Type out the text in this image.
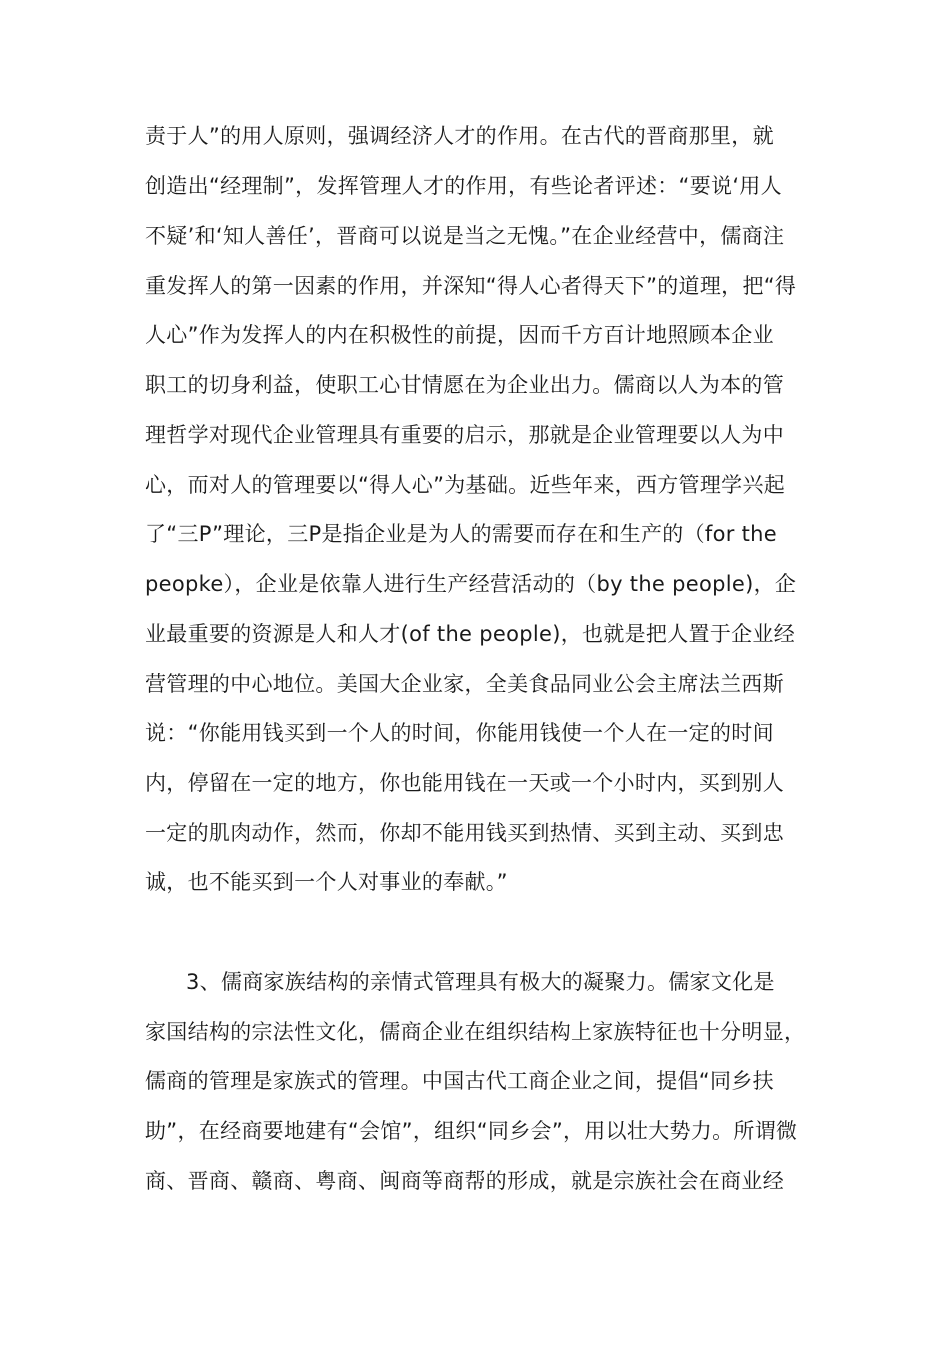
责于人”的用人原则，强调经济人才的作用。在古代的晋商那里，就
创造出“经理制”，发挥管理人才的作用，有些论者评述：“要说‘用人
不疑’和‘知人善任’，晋商可以说是当之无愧。”在企业经营中，儒商注
重发挥人的第一因素的作用，并深知“得人心者得天下”的道理，把“得
人心”作为发挥人的内在积极性的前提，因而千方百计地照顾本企业
职工的切身利益，使职工心甘情愿在为企业出力。儒商以人为本的管
理哲学对现代企业管理具有重要的启示，那就是企业管理要以人为中
心，而对人的管理要以“得人心”为基础。近些年来，西方管理学兴起
了“三P”理论，三P是指企业是为人的需要而存在和生产的（for the
peopke），企业是依靠人进行生产经营活动的（by the people)，企
业最重要的资源是人和人才(of the people)，也就是把人置于企业经
营管理的中心地位。美国大企业家，全美食品同业公会主席法兰西斯
说：“你能用钱买到一个人的时间，你能用钱使一个人在一定的时间
内，停留在一定的地方，你也能用钱在一天或一个小时内，买到别人
一定的肌肉动作，然而，你却不能用钱买到热情、买到主动、买到忠
诚，也不能买到一个人对事业的奉献。”
3、儒商家族结构的亲情式管理具有极大的凝聚力。儒家文化是
家国结构的宗法性文化，儒商企业在组织结构上家族特征也十分明显，
儒商的管理是家族式的管理。中国古代工商企业之间，提倡“同乡扶
助”，在经商要地建有“会馆”，组织“同乡会”，用以壮大势力。所谓微
商、晋商、赣商、粤商、闽商等商帮的形成，就是宗族社会在商业经
